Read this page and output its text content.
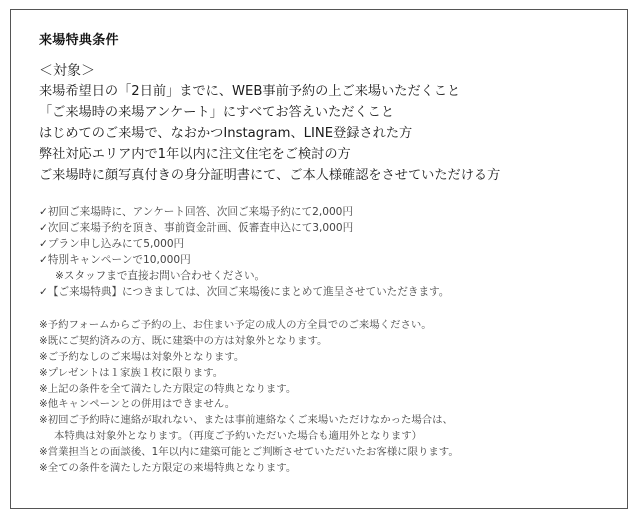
来場特典条件
＜対象＞
来場希望日の「2日前」までに、WEB事前予約の上ご来場いただくこと
「ご来場時の来場アンケート」にすべてお答えいただくこと
はじめてのご来場で、なおかつInstagram、LINE登録された方
弊社対応エリア内で1年以内に注文住宅をご検討の方
ご来場時に顔写真付きの身分証明書にて、ご本人様確認をさせていただける方
✓初回ご来場時に、アンケート回答、次回ご来場予約にて2,000円
✓次回ご来場予約を頂き、事前資金計画、仮審査申込にて3,000円
✓プラン申し込みにて5,000円
✓特別キャンペーンで10,000円
※スタッフまで直接お問い合わせください。
✓【ご来場特典】につきましては、次回ご来場後にまとめて進呈させていただきます。
※予約フォームからご予約の上、お住まい予定の成人の方全員でのご来場ください。
※既にご契約済みの方、既に建築中の方は対象外となります。
※ご予約なしのご来場は対象外となります。
※プレゼントは１家族１枚に限ります。
※上記の条件を全て満たした方限定の特典となります。
※他キャンペーンとの併用はできません。
※初回ご予約時に連絡が取れない、または事前連絡なくご来場いただけなかった場合は、
本特典は対象外となります。（再度ご予約いただいた場合も適用外となります）
※営業担当との面談後、1年以内に建築可能とご判断させていただいたお客様に限ります。
※全ての条件を満たした方限定の来場特典となります。
